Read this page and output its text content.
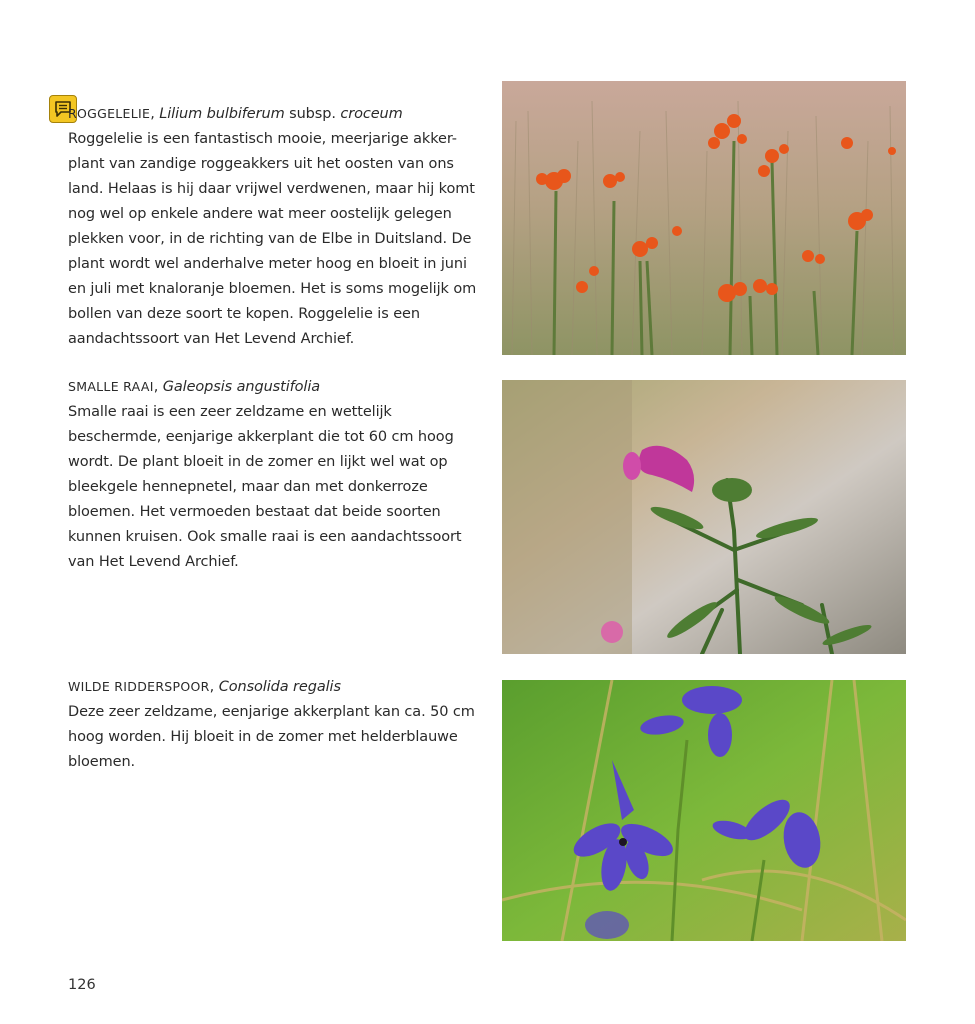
ROGGELELIE, Lilium bulbiferum subsp. croceum
Roggelelie is een fantastisch mooie, meerjarige akker-plant van zandige roggeakkers uit het oosten van ons land. Helaas is hij daar vrijwel verdwenen, maar hij komt nog wel op enkele andere wat meer oostelijk gelegen plekken voor, in de richting van de Elbe in Duitsland. De plant wordt wel anderhalve meter hoog en bloeit in juni en juli met knaloranje bloemen. Het is soms mogelijk om bollen van deze soort te kopen. Roggelelie is een aandachtssoort van Het Levend Archief.
SMALLE RAAI, Galeopsis angustifolia
Smalle raai is een zeer zeldzame en wettelijk beschermde, eenjarige akkerplant die tot 60 cm hoog wordt. De plant bloeit in de zomer en lijkt wel wat op bleekgele hennepnetel, maar dan met donkerroze bloemen. Het vermoeden bestaat dat beide soorten kunnen kruisen. Ook smalle raai is een aandachtssoort van Het Levend Archief.
WILDE RIDDERSPOOR, Consolida regalis
Deze zeer zeldzame, eenjarige akkerplant kan ca. 50 cm hoog worden. Hij bloeit in de zomer met helderblauwe bloemen.
126
